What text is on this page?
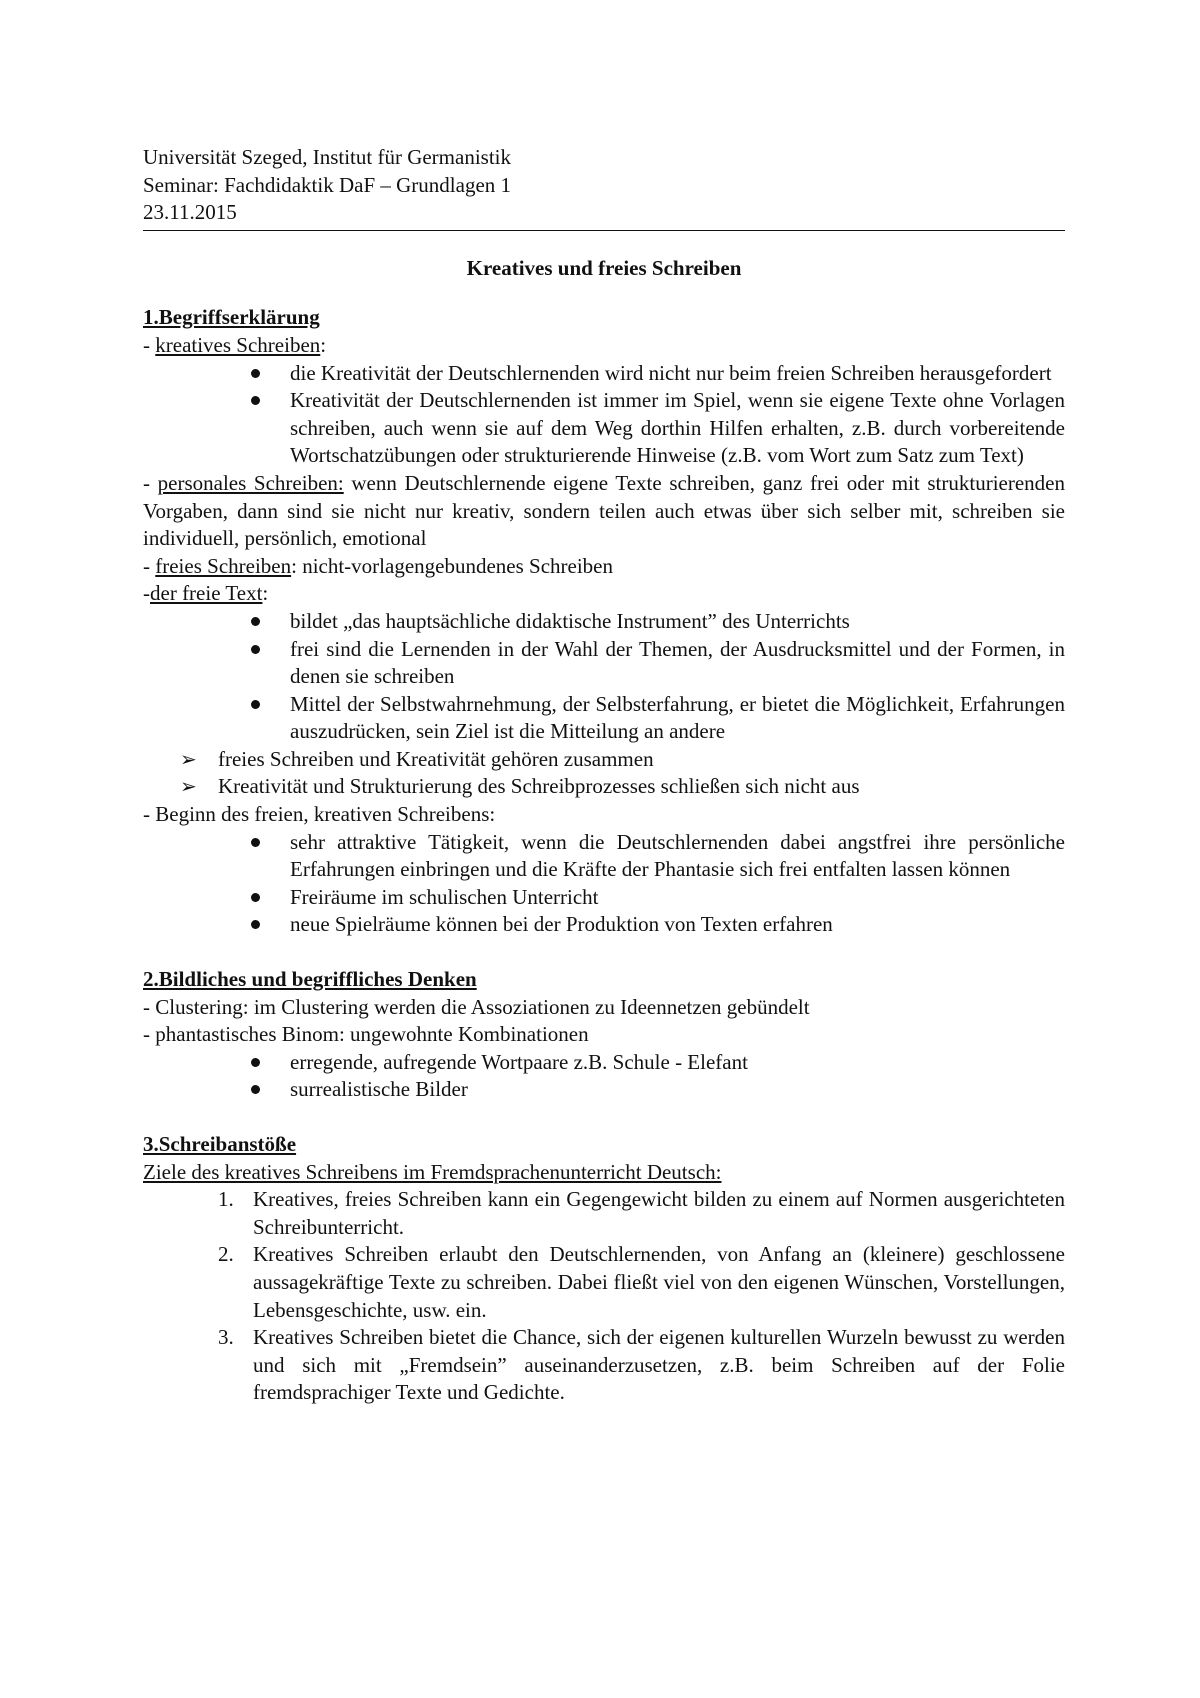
Universität Szeged, Institut für Germanistik
Seminar: Fachdidaktik DaF – Grundlagen 1
23.11.2015
Kreatives und freies Schreiben
1.Begriffserklärung
- kreatives Schreiben:
die Kreativität der Deutschlernenden wird nicht nur beim freien Schreiben herausgefordert
Kreativität der Deutschlernenden ist immer im Spiel, wenn sie eigene Texte ohne Vorlagen schreiben, auch wenn sie auf dem Weg dorthin Hilfen erhalten, z.B. durch vorbereitende Wortschatzübungen oder strukturierende Hinweise (z.B. vom Wort zum Satz zum Text)
- personales Schreiben: wenn Deutschlernende eigene Texte schreiben, ganz frei oder mit strukturierenden Vorgaben, dann sind sie nicht nur kreativ, sondern teilen auch etwas über sich selber mit, schreiben sie individuell, persönlich, emotional
- freies Schreiben: nicht-vorlagengebundenes Schreiben
-der freie Text:
bildet „das hauptsächliche didaktische Instrument” des Unterrichts
frei sind die Lernenden in der Wahl der Themen, der Ausdrucksmittel und der Formen, in denen sie schreiben
Mittel der Selbstwahrnehmung, der Selbsterfahrung, er bietet die Möglichkeit, Erfahrungen auszudrücken, sein Ziel ist die Mitteilung an andere
➢ freies Schreiben und Kreativität gehören zusammen
➢ Kreativität und Strukturierung des Schreibprozesses schließen sich nicht aus
- Beginn des freien, kreativen Schreibens:
sehr attraktive Tätigkeit, wenn die Deutschlernenden dabei angstfrei ihre persönliche Erfahrungen einbringen und die Kräfte der Phantasie sich frei entfalten lassen können
Freiräume im schulischen Unterricht
neue Spielräume können bei der Produktion von Texten erfahren
2.Bildliches und begriffliches Denken
- Clustering: im Clustering werden die Assoziationen zu Ideennetzen gebündelt
- phantastisches Binom: ungewohnte Kombinationen
erregende, aufregende Wortpaare z.B. Schule - Elefant
surrealistische Bilder
3.Schreibanstöße
Ziele des kreatives Schreibens im Fremdsprachenunterricht Deutsch:
1. Kreatives, freies Schreiben kann ein Gegengewicht bilden zu einem auf Normen ausgerichteten Schreibunterricht.
2. Kreatives Schreiben erlaubt den Deutschlernenden, von Anfang an (kleinere) geschlossene aussagekräftige Texte zu schreiben. Dabei fließt viel von den eigenen Wünschen, Vorstellungen, Lebensgeschichte, usw. ein.
3. Kreatives Schreiben bietet die Chance, sich der eigenen kulturellen Wurzeln bewusst zu werden und sich mit „Fremdsein” auseinanderzusetzen, z.B. beim Schreiben auf der Folie fremdsprachiger Texte und Gedichte.
